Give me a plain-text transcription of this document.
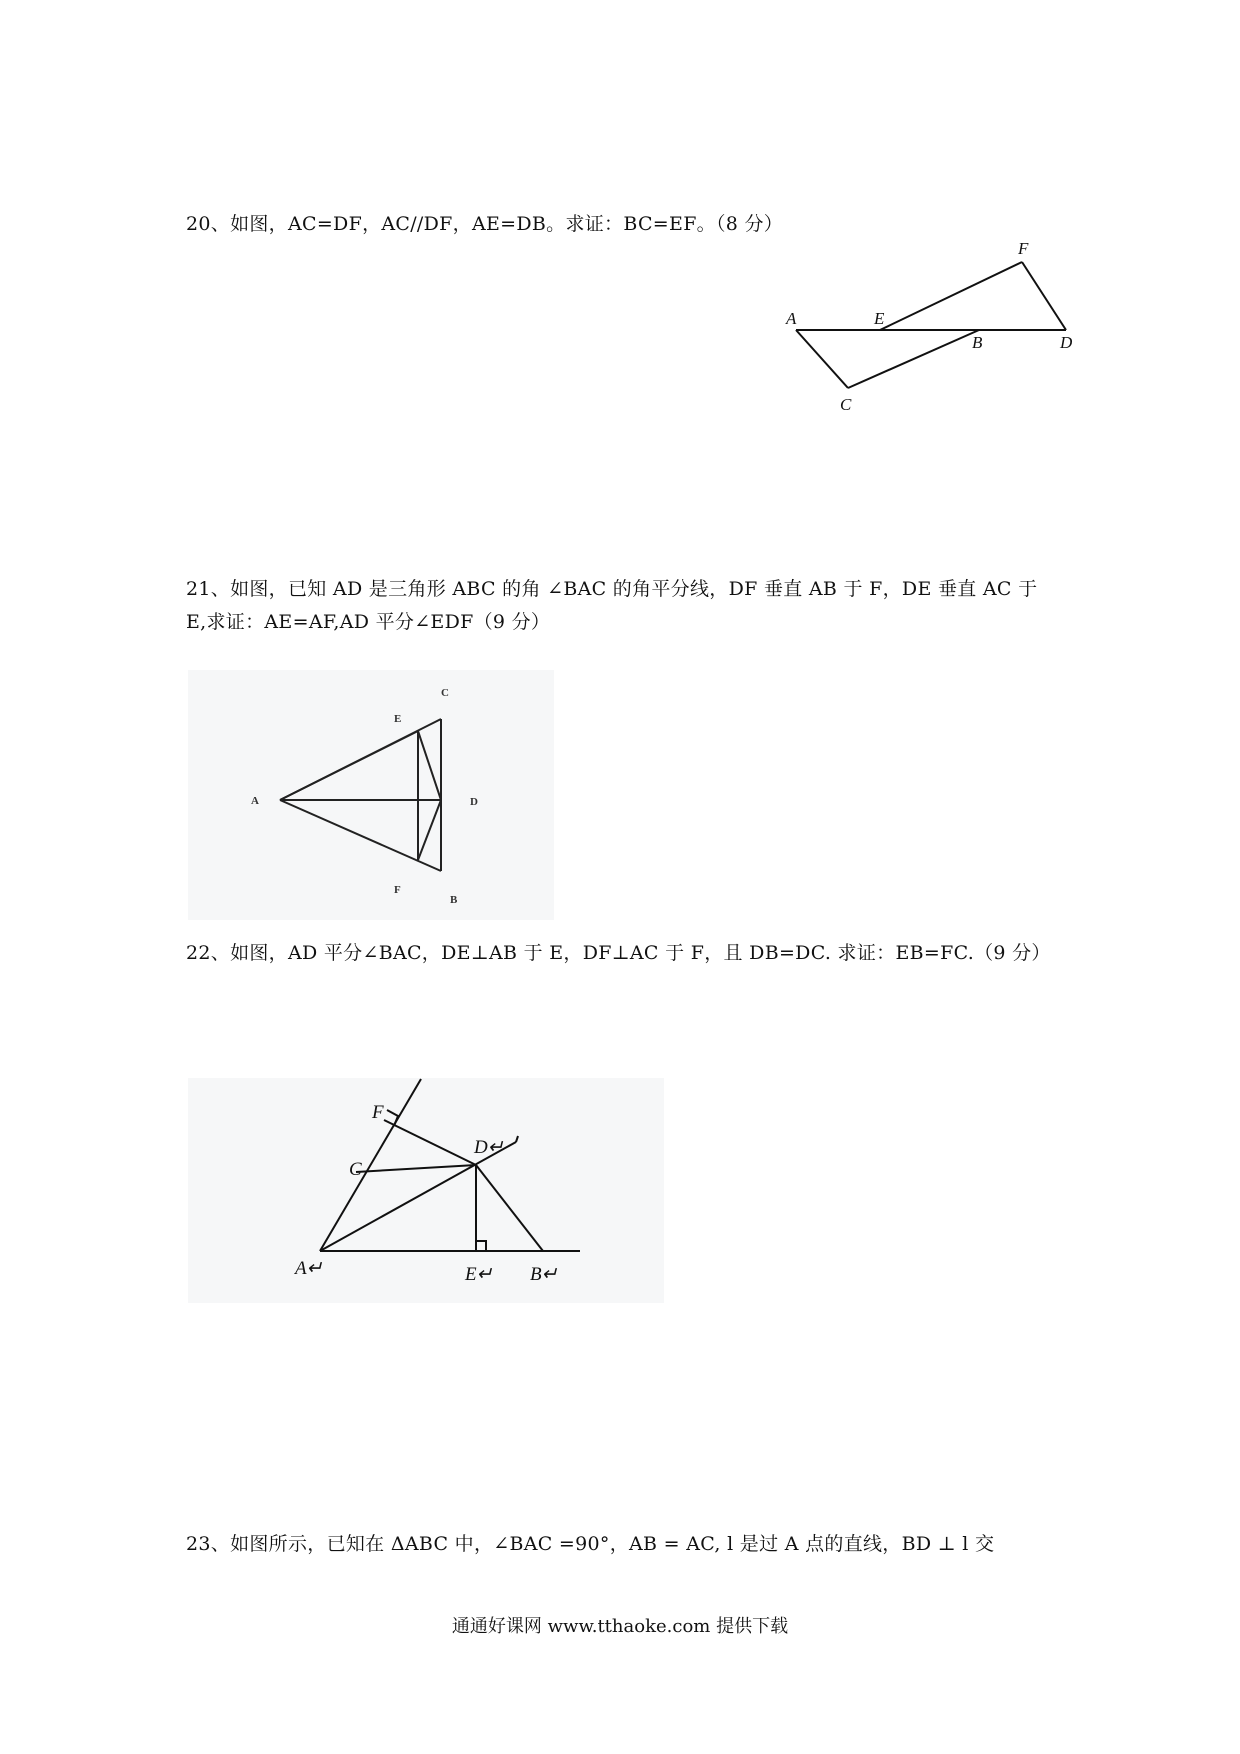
20、如图，AC=DF，AC//DF，AE=DB。求证：BC=EF。（8 分）
A	E
B	D
C
F
21、如图，已知 AD 是三角形 ABC 的角 ∠BAC 的角平分线，DF 垂直 AB 于 F，DE 垂直 AC 于
E,求证：AE=AF,AD 平分∠EDF（9 分）
A
C
E
D
F
B
22、如图，AD 平分∠BAC，DE⊥AB 于 E，DF⊥AC 于 F，且 DB=DC. 求证：EB=FC.（9 分）
A↵	B↵
C
D↵
E↵
F
23、如图所示，已知在 ΔABC 中，∠BAC =90°，AB = AC, l 是过 A 点的直线，BD ⊥ l 交
通通好课网 www.tthaoke.com 提供下载
